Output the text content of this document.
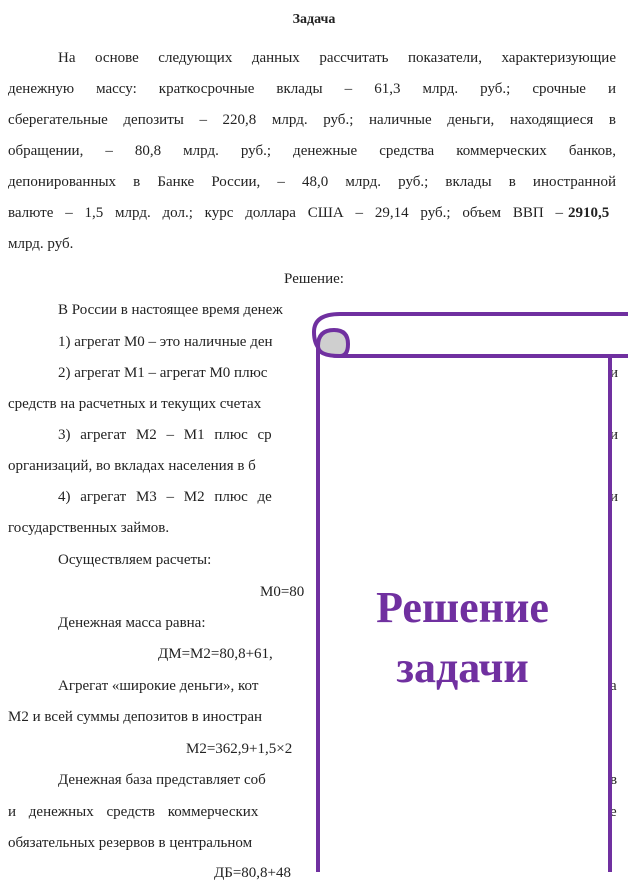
Задача
На основе следующих данных рассчитать показатели, характеризующие
денежную массу: краткосрочные вклады – 61,3 млрд. руб.; срочные и
сберегательные депозиты – 220,8 млрд. руб.; наличные деньги, находящиеся в
обращении, – 80,8 млрд. руб.; денежные средства коммерческих банков,
депонированных в Банке России, – 48,0 млрд. руб.; вклады в иностранной
валюте – 1,5 млрд. дол.; курс доллара США – 29,14 руб.; объем ВВП – 2910,5
млрд. руб.
Решение:
В России в настоящее время денеж
1) агрегат М0 – это наличные ден
2) агрегат М1 – агрегат М0 плюс	и
средств на расчетных и текущих счетах
3) агрегат М2 – М1 плюс ср	и
организаций, во вкладах населения в б
4) агрегат М3 – М2 плюс де	и
государственных займов.
Осуществляем расчеты:
М0=80
Денежная масса равна:
ДМ=М2=80,8+61,
Агрегат «широкие деньги», кот	а
М2 и всей суммы депозитов в иностран
М2=362,9+1,5×2
Денежная база представляет соб	в
и денежных средств коммерческих	е
обязательных резервов в центральном
ДБ=80,8+48
Решение
задачи
